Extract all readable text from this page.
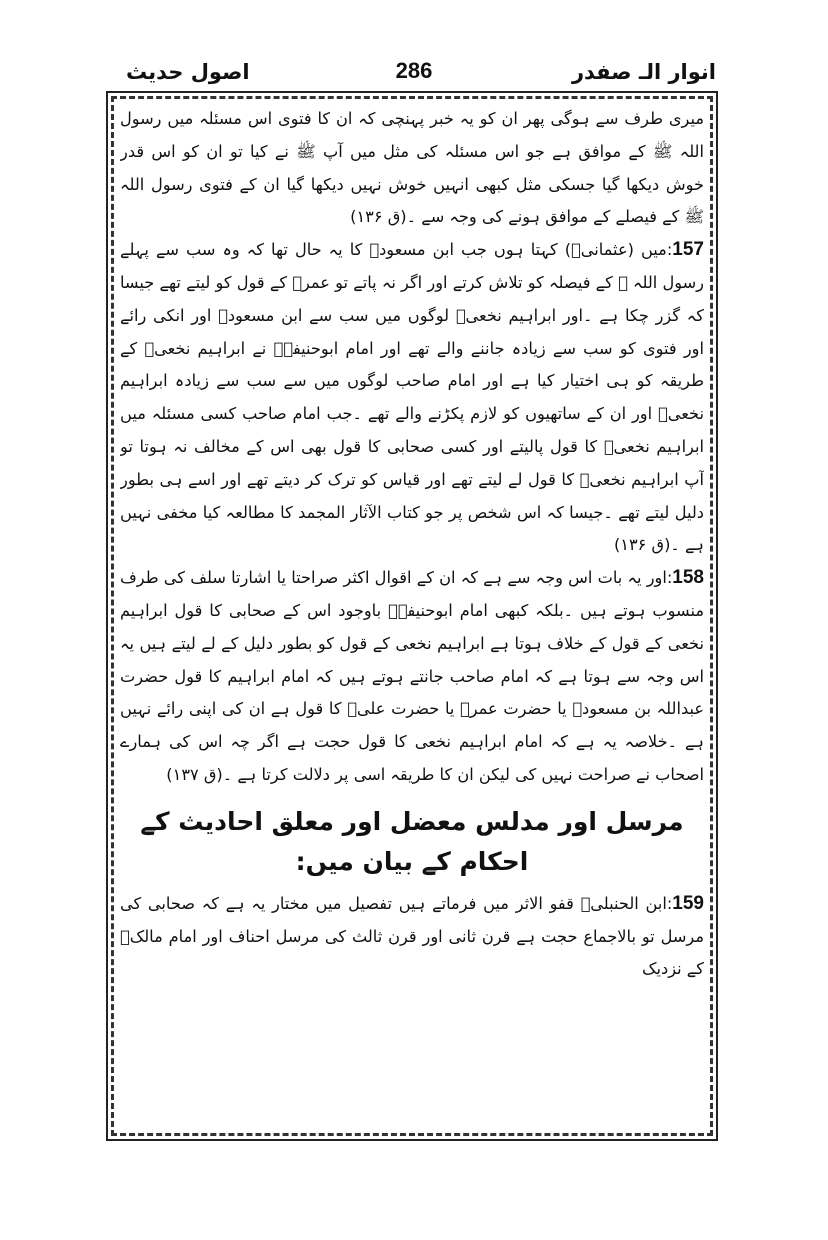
اصول حدیث	286	انوار الـ صفدر

میری طرف سے ہوگی پھر ان کو یہ خبر پہنچی کہ ان کا فتوی اس مسئلہ میں رسول اللہ ﷺ کے موافق ہے جو اس مسئلہ کی مثل میں آپ ﷺ نے کیا تو ان کو اس قدر خوش دیکھا گیا جسکی مثل کبھی انہیں خوش نہیں دیکھا گیا ان کے فتوی رسول اللہ ﷺ کے فیصلے کے موافق ہونے کی وجہ سے ۔(ق ۱۳۶)

157:میں (عثمانیؒ) کہتا ہوں جب ابن مسعودؓ کا یہ حال تھا کہ وہ سب سے پہلے رسول اللہ ﷺ کے فیصلہ کو تلاش کرتے اور اگر نہ پاتے تو عمرؓ کے قول کو لیتے تھے جیسا کہ گزر چکا ہے ۔اور ابراہیم نخعیؒ لوگوں میں سب سے ابن مسعودؓ اور انکی رائے اور فتوی کو سب سے زیادہ جاننے والے تھے اور امام ابوحنیفہؒ نے ابراہیم نخعیؒ کے طریقہ کو ہی اختیار کیا ہے اور امام صاحب لوگوں میں سے سب سے زیادہ ابراہیم نخعیؒ اور ان کے ساتھیوں کو لازم پکڑنے والے تھے ۔جب امام صاحب کسی مسئلہ میں ابراہیم نخعیؒ کا قول پالیتے اور کسی صحابی کا قول بھی اس کے مخالف نہ ہوتا تو آپ ابراہیم نخعیؒ کا قول لے لیتے تھے اور قیاس کو ترک کر دیتے تھے اور اسے ہی بطور دلیل لیتے تھے ۔جیسا کہ اس شخص پر جو کتاب الآثار المجمد کا مطالعہ کیا مخفی نہیں ہے ۔(ق ۱۳۶)

158:اور یہ بات اس وجہ سے ہے کہ ان کے اقوال اکثر صراحتا یا اشارتا سلف کی طرف منسوب ہوتے ہیں ۔بلکہ کبھی امام ابوحنیفہؒ باوجود اس کے صحابی کا قول ابراہیم نخعی کے قول کے خلاف ہوتا ہے ابراہیم نخعی کے قول کو بطور دلیل کے لے لیتے ہیں یہ اس وجہ سے ہوتا ہے کہ امام صاحب جانتے ہوتے ہیں کہ امام ابراہیم کا قول حضرت عبداللہ بن مسعودؓ یا حضرت عمرؓ یا حضرت علیؓ کا قول ہے ان کی اپنی رائے نہیں ہے ۔خلاصہ یہ ہے کہ امام ابراہیم نخعی کا قول حجت ہے اگر چہ اس کی ہمارے اصحاب نے صراحت نہیں کی لیکن ان کا طریقہ اسی پر دلالت کرتا ہے ۔(ق ۱۳۷)

مرسل اور مدلس معضل اور معلق احادیث کے احکام کے بیان میں:

159:ابن الحنبلیؒ قفو الاثر میں فرماتے ہیں تفصیل میں مختار یہ ہے کہ صحابی کی مرسل تو بالاجماع حجت ہے قرن ثانی اور قرن ثالث کی مرسل احناف اور امام مالکؒ کے نزدیک
